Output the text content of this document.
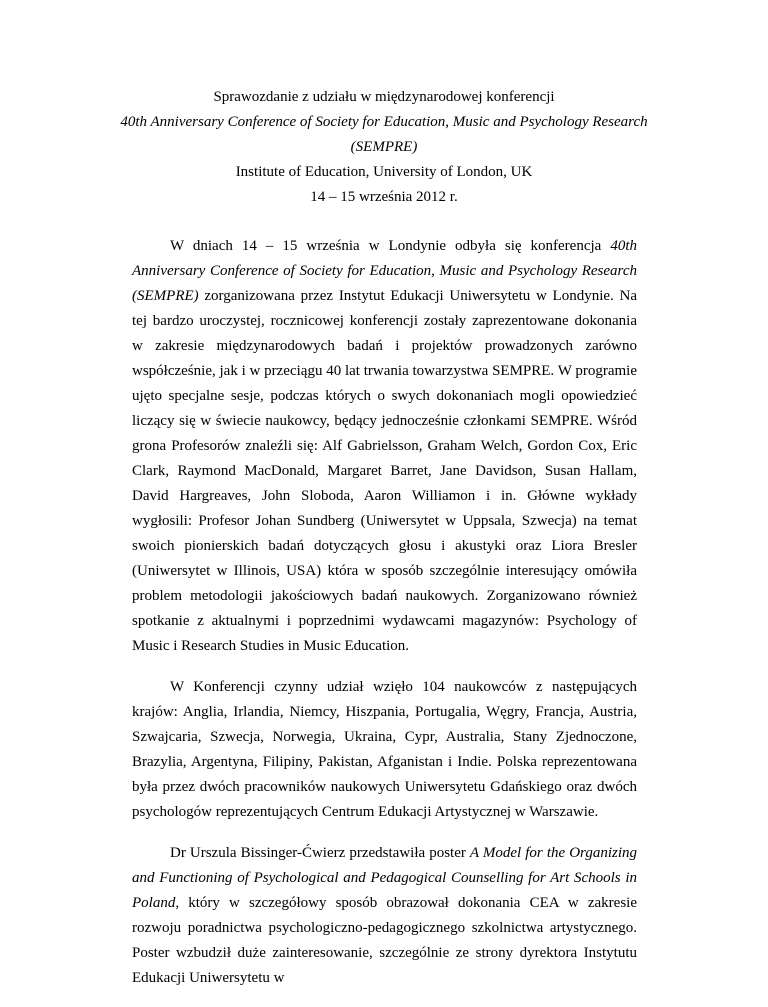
Sprawozdanie z udziału w międzynarodowej konferencji
40th Anniversary Conference of Society for Education, Music and Psychology Research
(SEMPRE)
Institute of Education, University of London, UK
14 – 15 września 2012 r.

W dniach 14 – 15 września w Londynie odbyła się konferencja 40th Anniversary Conference of Society for Education, Music and Psychology Research (SEMPRE) zorganizowana przez Instytut Edukacji Uniwersytetu w Londynie. Na tej bardzo uroczystej, rocznicowej konferencji zostały zaprezentowane dokonania w zakresie międzynarodowych badań i projektów prowadzonych zarówno współcześnie, jak i w przeciągu 40 lat trwania towarzystwa SEMPRE. W programie ujęto specjalne sesje, podczas których o swych dokonaniach mogli opowiedzieć liczący się w świecie naukowcy, będący jednocześnie członkami SEMPRE. Wśród grona Profesorów znaleźli się: Alf Gabrielsson, Graham Welch, Gordon Cox, Eric Clark, Raymond MacDonald, Margaret Barret, Jane Davidson, Susan Hallam, David Hargreaves, John Sloboda, Aaron Williamon i in. Główne wykłady wygłosili: Profesor Johan Sundberg (Uniwersytet w Uppsala, Szwecja) na temat swoich pionierskich badań dotyczących głosu i akustyki oraz Liora Bresler (Uniwersytet w Illinois, USA) która w sposób szczególnie interesujący omówiła problem metodologii jakościowych badań naukowych. Zorganizowano również spotkanie z aktualnymi i poprzednimi wydawcami magazynów: Psychology of Music i Research Studies in Music Education.

W Konferencji czynny udział wzięło 104 naukowców z następujących krajów: Anglia, Irlandia, Niemcy, Hiszpania, Portugalia, Węgry, Francja, Austria, Szwajcaria, Szwecja, Norwegia, Ukraina, Cypr, Australia, Stany Zjednoczone, Brazylia, Argentyna, Filipiny, Pakistan, Afganistan i Indie. Polska reprezentowana była przez dwóch pracowników naukowych Uniwersytetu Gdańskiego oraz dwóch psychologów reprezentujących Centrum Edukacji Artystycznej w Warszawie.

Dr Urszula Bissinger-Ćwierz przedstawiła poster A Model for the Organizing and Functioning of Psychological and Pedagogical Counselling for Art Schools in Poland, który w szczegółowy sposób obrazował dokonania CEA w zakresie rozwoju poradnictwa psychologiczno-pedagogicznego szkolnictwa artystycznego. Poster wzbudził duże zainteresowanie, szczególnie ze strony dyrektora Instytutu Edukacji Uniwersytetu w
